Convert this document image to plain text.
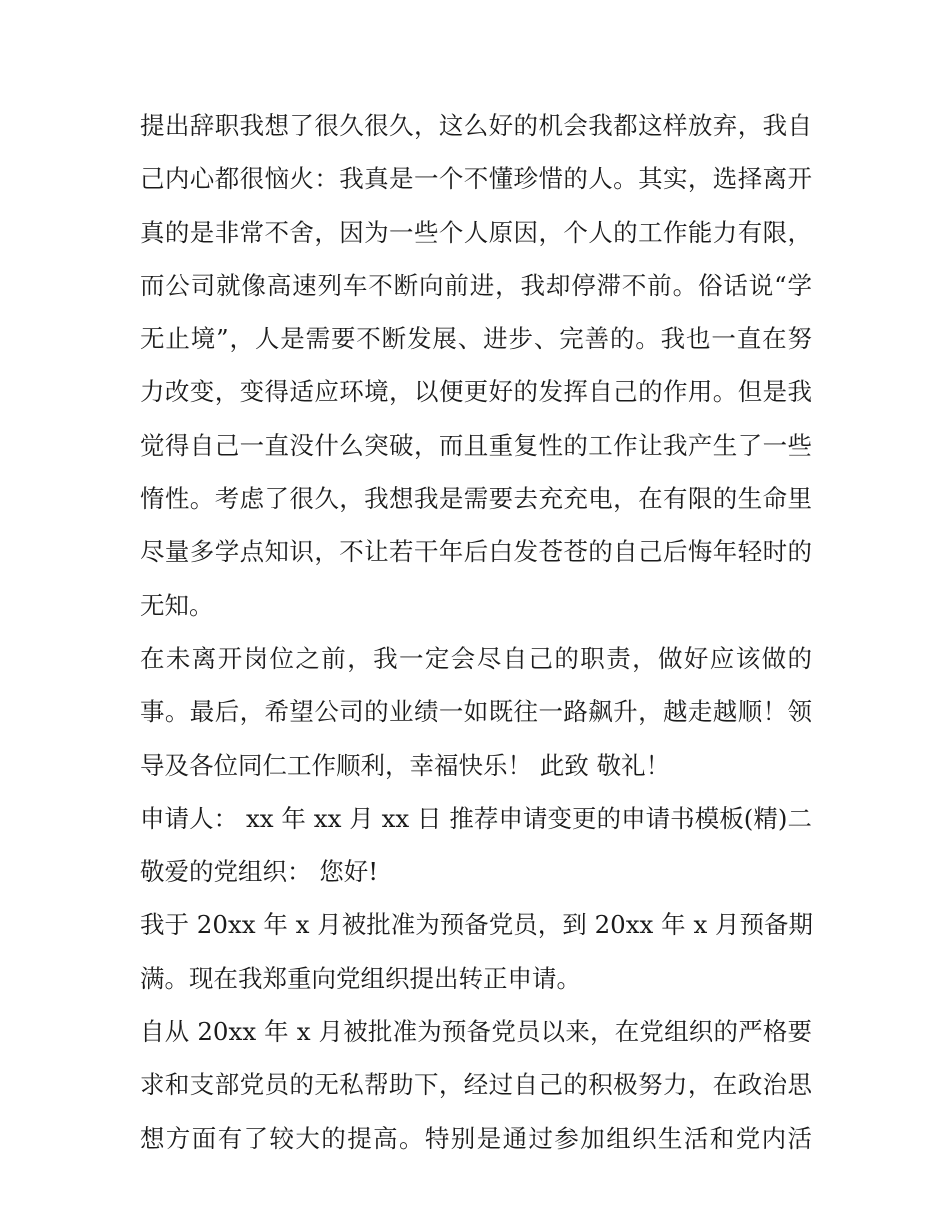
提出辞职我想了很久很久，这么好的机会我都这样放弃，我自
己内心都很恼火：我真是一个不懂珍惜的人。其实，选择离开
真的是非常不舍，因为一些个人原因，个人的工作能力有限，
而公司就像高速列车不断向前进，我却停滞不前。俗话说“学
无止境”，人是需要不断发展、进步、完善的。我也一直在努
力改变，变得适应环境，以便更好的发挥自己的作用。但是我
觉得自己一直没什么突破，而且重复性的工作让我产生了一些
惰性。考虑了很久，我想我是需要去充充电，在有限的生命里
尽量多学点知识，不让若干年后白发苍苍的自己后悔年轻时的
无知。
在未离开岗位之前，我一定会尽自己的职责，做好应该做的
事。最后，希望公司的业绩一如既往一路飙升，越走越顺！领
导及各位同仁工作顺利，幸福快乐！ 此致 敬礼！
申请人： xx 年 xx 月 xx 日 推荐申请变更的申请书模板(精)二
敬爱的党组织： 您好!
我于 20xx 年 x 月被批准为预备党员，到 20xx 年 x 月预备期
满。现在我郑重向党组织提出转正申请。
自从 20xx 年 x 月被批准为预备党员以来，在党组织的严格要
求和支部党员的无私帮助下，经过自己的积极努力，在政治思
想方面有了较大的提高。特别是通过参加组织生活和党内活
